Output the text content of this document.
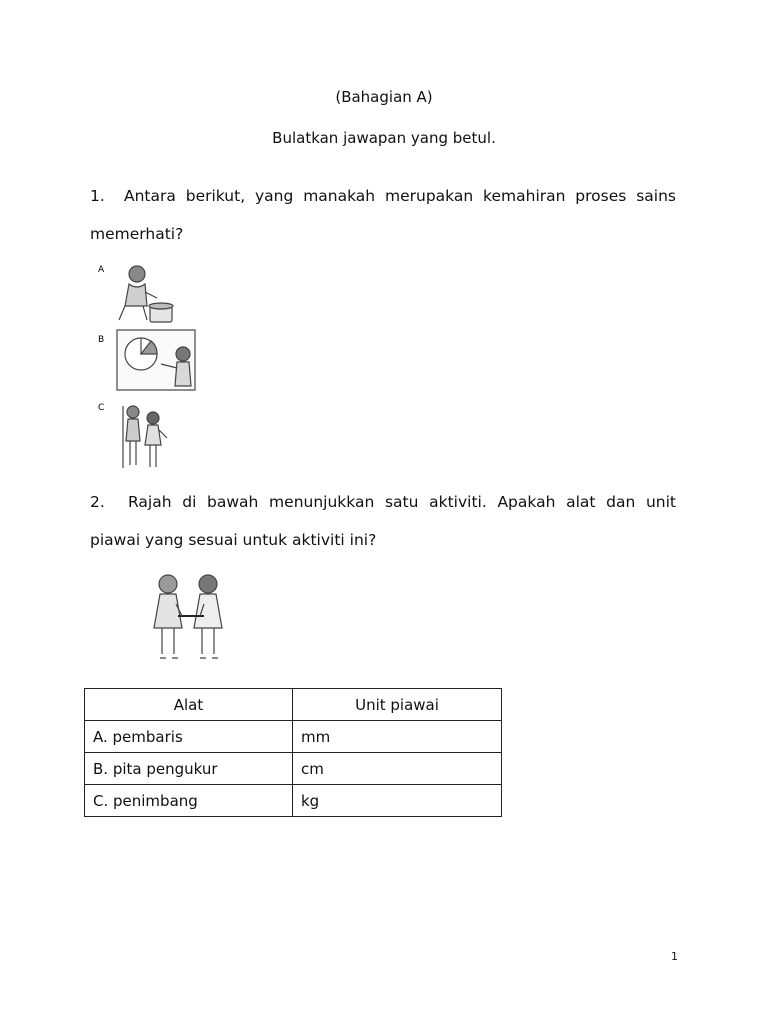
(Bahagian A)
Bulatkan jawapan yang betul.
1. Antara berikut, yang manakah merupakan kemahiran proses sains memerhati?
A
B
C
2. Rajah di bawah menunjukkan satu aktiviti. Apakah alat dan unit piawai yang sesuai untuk aktiviti ini?
Alat	Unit piawai
A. pembaris	mm
B. pita pengukur	cm
C. penimbang	kg
1
